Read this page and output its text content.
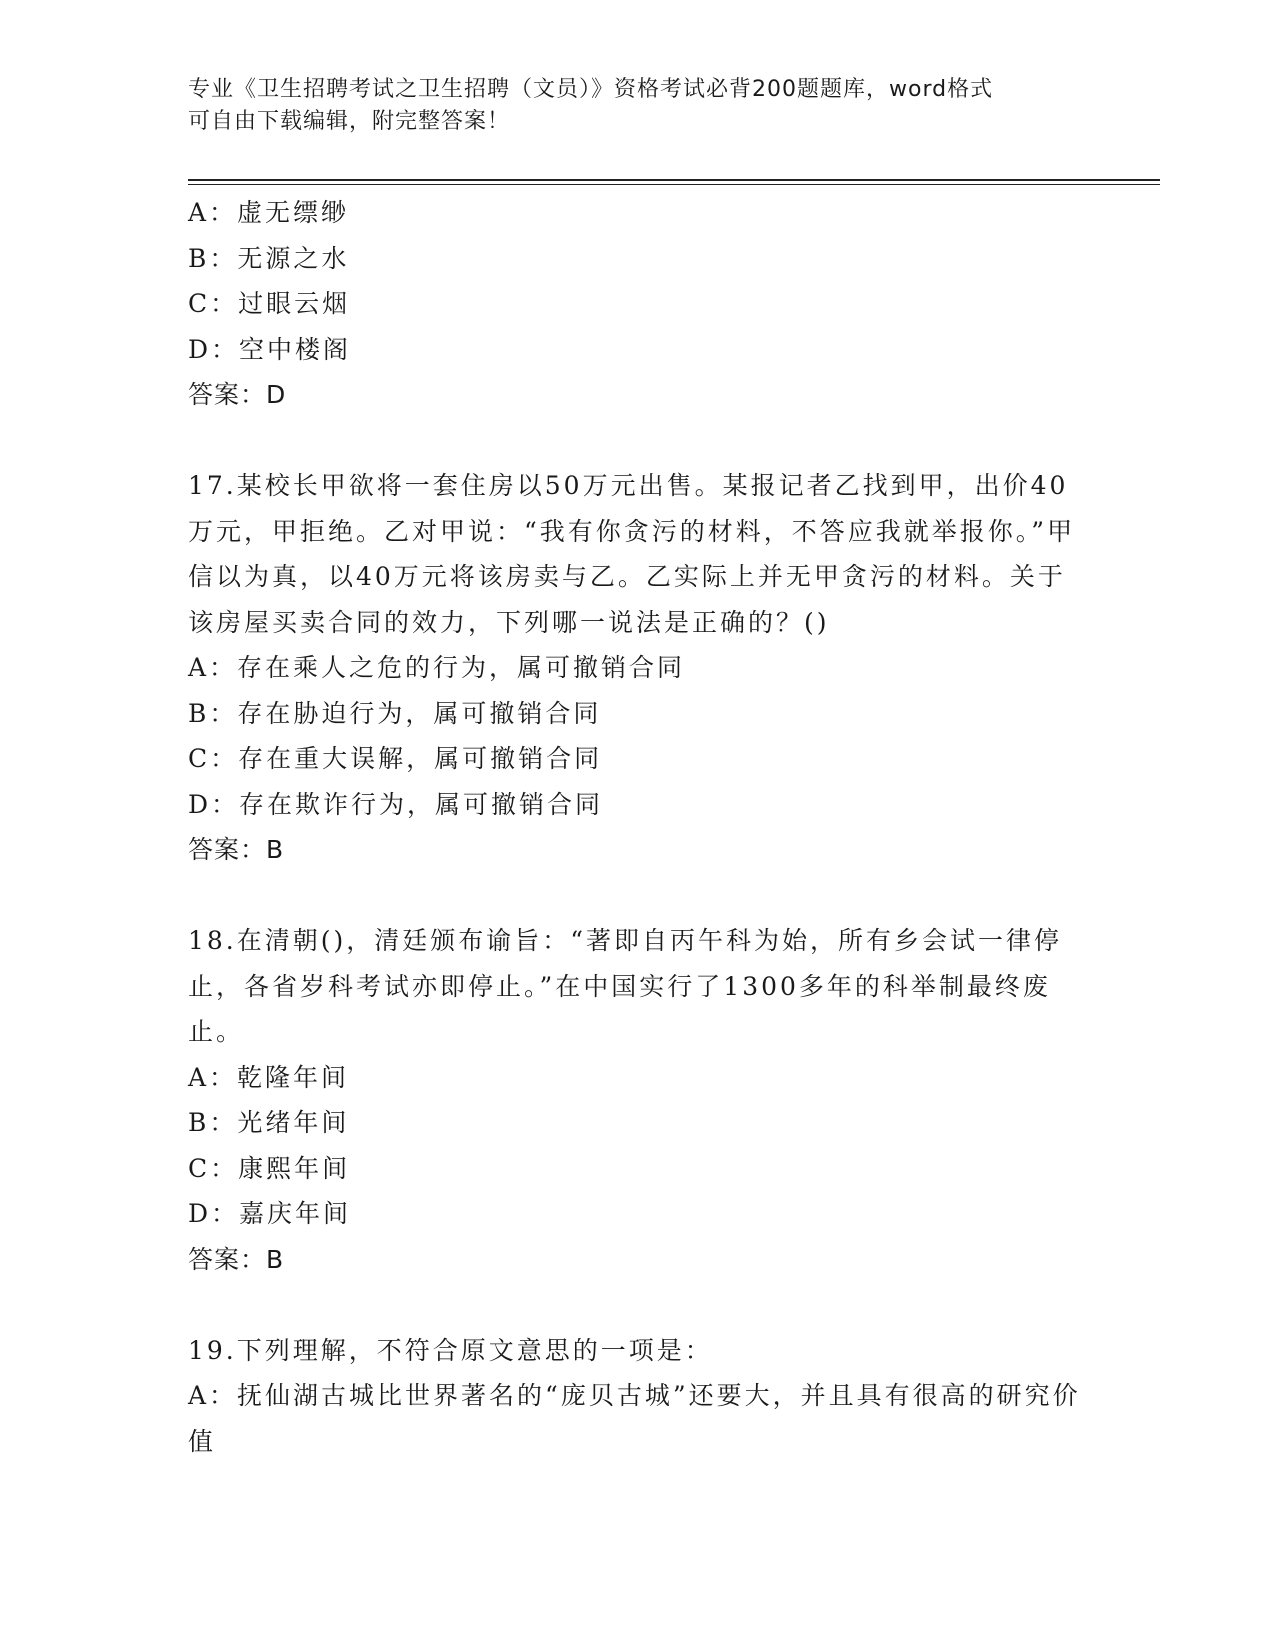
专业《卫生招聘考试之卫生招聘（文员）》资格考试必背200题题库，word格式
可自由下载编辑，附完整答案！
A：虚无缥缈
B：无源之水
C：过眼云烟
D：空中楼阁
答案：D
17.某校长甲欲将一套住房以50万元出售。某报记者乙找到甲，出价40万元，甲拒绝。乙对甲说：“我有你贪污的材料，不答应我就举报你。”甲信以为真，以40万元将该房卖与乙。乙实际上并无甲贪污的材料。关于该房屋买卖合同的效力，下列哪一说法是正确的？()
A：存在乘人之危的行为，属可撤销合同
B：存在胁迫行为，属可撤销合同
C：存在重大误解，属可撤销合同
D：存在欺诈行为，属可撤销合同
答案：B
18.在清朝()，清廷颁布谕旨：“著即自丙午科为始，所有乡会试一律停止，各省岁科考试亦即停止。”在中国实行了1300多年的科举制最终废止。
A：乾隆年间
B：光绪年间
C：康熙年间
D：嘉庆年间
答案：B
19.下列理解，不符合原文意思的一项是：
A：抚仙湖古城比世界著名的“庞贝古城”还要大，并且具有很高的研究价值
